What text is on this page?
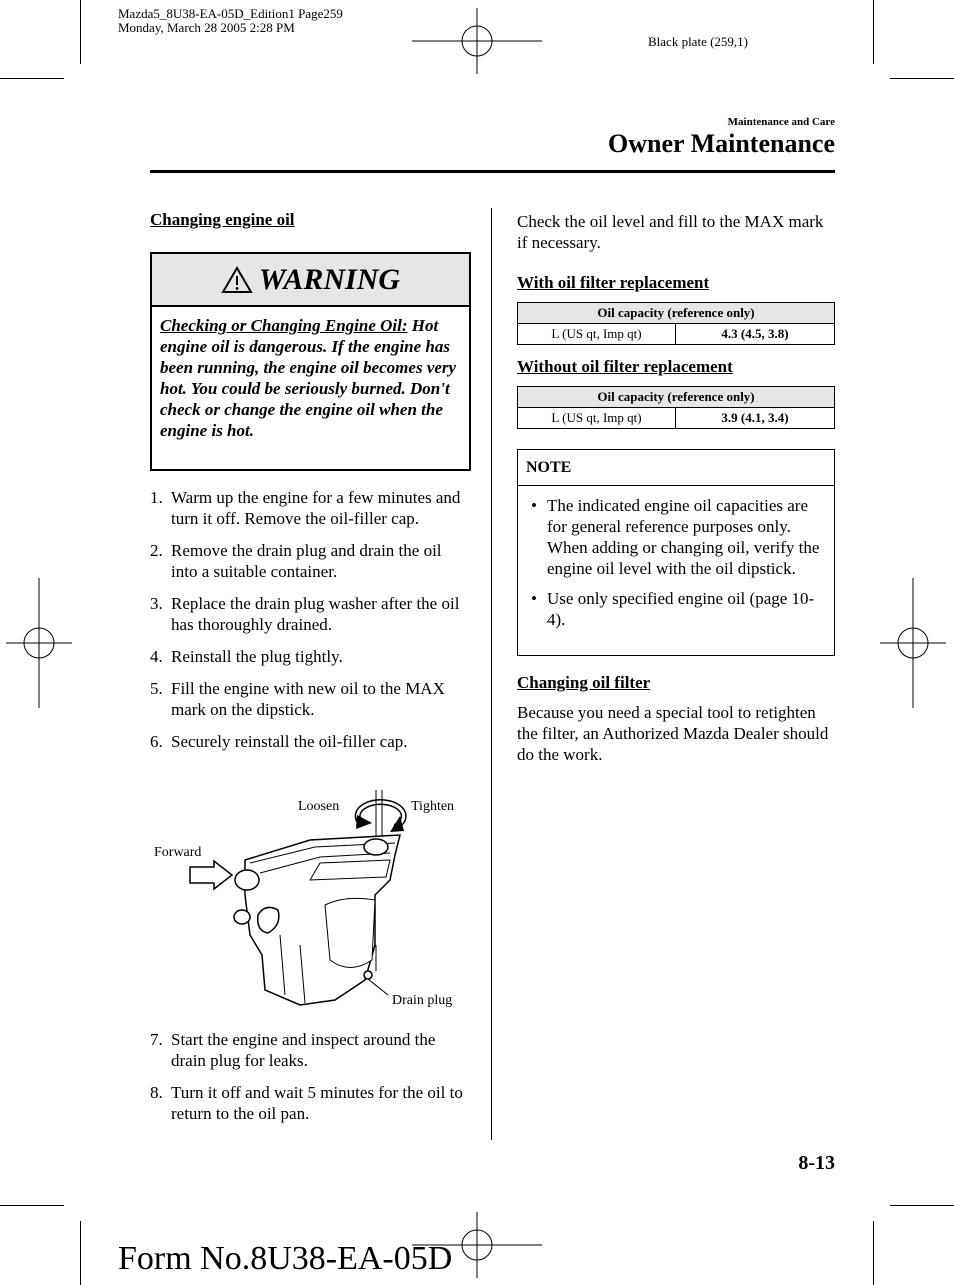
Mazda5_8U38-EA-05D_Edition1 Page259
Monday, March 28 2005 2:28 PM
Black plate (259,1)
Maintenance and Care
Owner Maintenance
Changing engine oil
WARNING
Checking or Changing Engine Oil: Hot engine oil is dangerous. If the engine has been running, the engine oil becomes very hot. You could be seriously burned. Don't check or change the engine oil when the engine is hot.
1. Warm up the engine for a few minutes and turn it off. Remove the oil-filler cap.
2. Remove the drain plug and drain the oil into a suitable container.
3. Replace the drain plug washer after the oil has thoroughly drained.
4. Reinstall the plug tightly.
5. Fill the engine with new oil to the MAX mark on the dipstick.
6. Securely reinstall the oil-filler cap.
Loosen	Tighten
Forward
Drain plug
7. Start the engine and inspect around the drain plug for leaks.
8. Turn it off and wait 5 minutes for the oil to return to the oil pan.
Check the oil level and fill to the MAX mark if necessary.
With oil filter replacement
Oil capacity (reference only)
L (US qt, Imp qt)	4.3 (4.5, 3.8)
Without oil filter replacement
Oil capacity (reference only)
L (US qt, Imp qt)	3.9 (4.1, 3.4)
NOTE
• The indicated engine oil capacities are for general reference purposes only. When adding or changing oil, verify the engine oil level with the oil dipstick.
• Use only specified engine oil (page 10-4).
Changing oil filter
Because you need a special tool to retighten the filter, an Authorized Mazda Dealer should do the work.
8-13
Form No.8U38-EA-05D
